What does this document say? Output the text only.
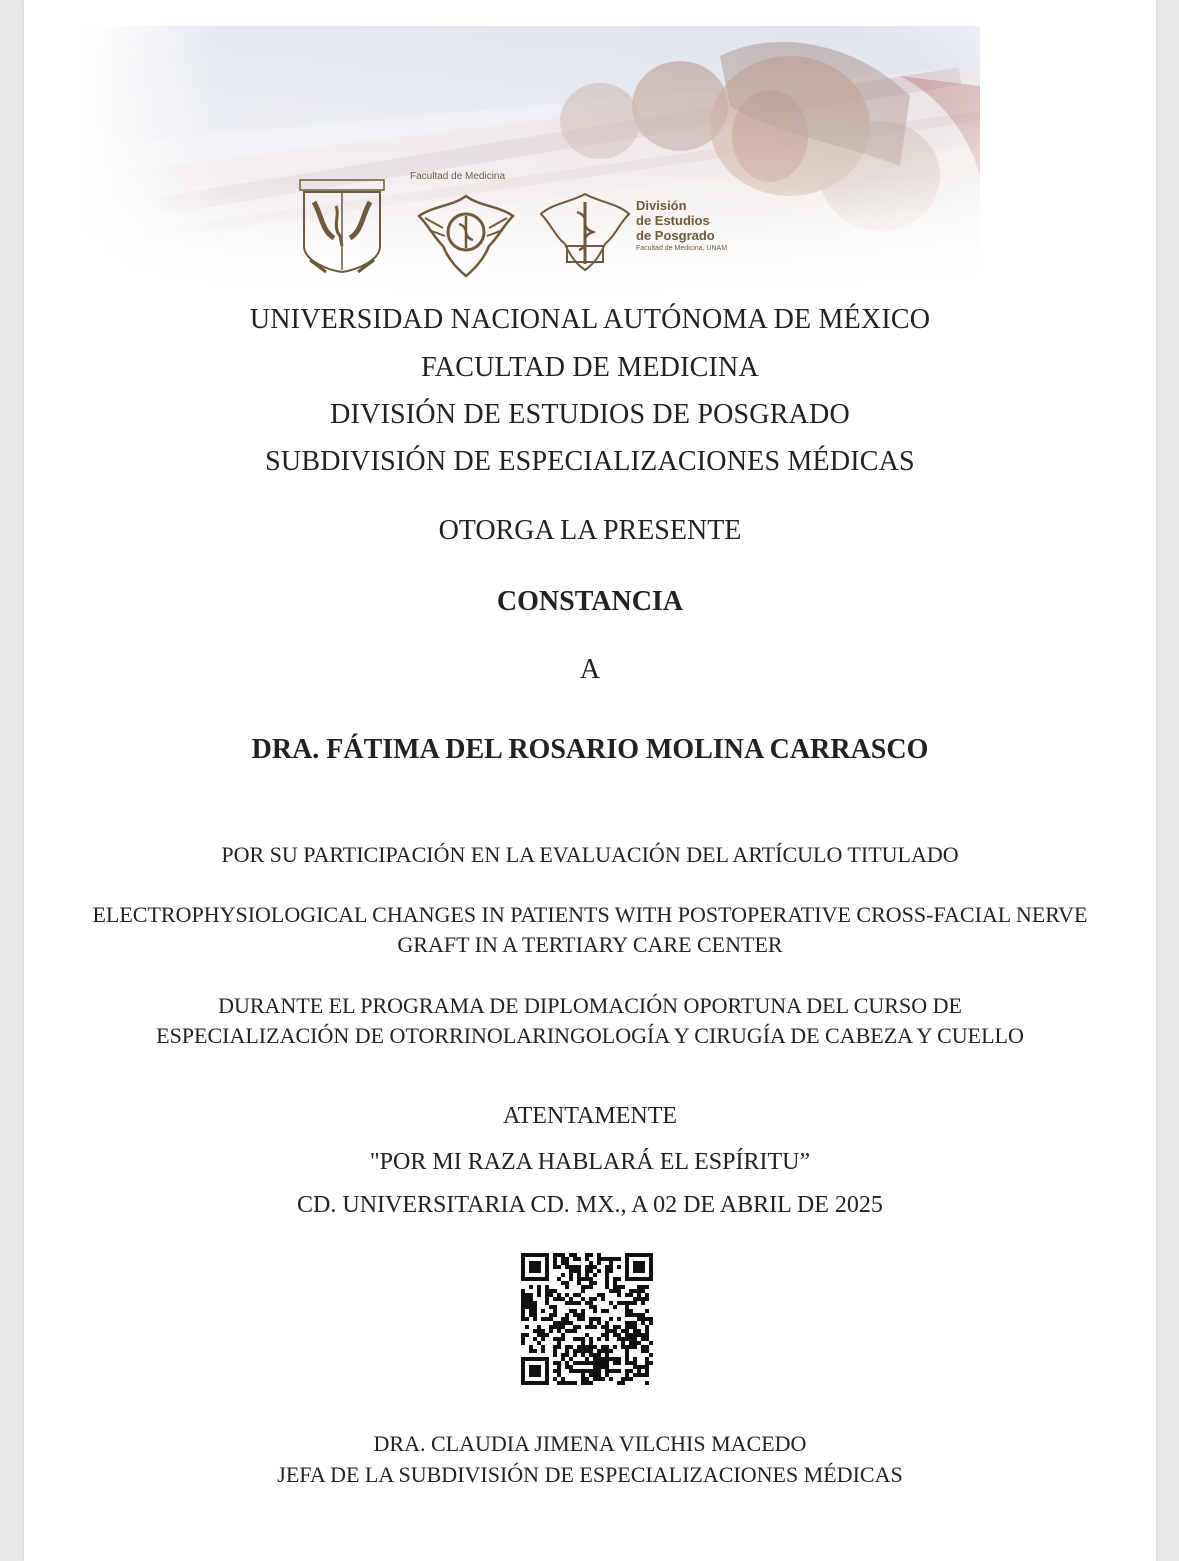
Facultad de Medicina
División
de Estudios
de Posgrado
Facultad de Medicina, UNAM
UNIVERSIDAD NACIONAL AUTÓNOMA DE MÉXICO
FACULTAD DE MEDICINA
DIVISIÓN DE ESTUDIOS DE POSGRADO
SUBDIVISIÓN DE ESPECIALIZACIONES MÉDICAS
OTORGA LA PRESENTE
CONSTANCIA
A
DRA. FÁTIMA DEL ROSARIO MOLINA CARRASCO
POR SU PARTICIPACIÓN EN LA EVALUACIÓN DEL ARTÍCULO TITULADO
ELECTROPHYSIOLOGICAL CHANGES IN PATIENTS WITH POSTOPERATIVE CROSS-FACIAL NERVE
GRAFT IN A TERTIARY CARE CENTER
DURANTE EL PROGRAMA DE DIPLOMACIÓN OPORTUNA DEL CURSO DE
ESPECIALIZACIÓN DE OTORRINOLARINGOLOGÍA Y CIRUGÍA DE CABEZA Y CUELLO
ATENTAMENTE
"POR MI RAZA HABLARÁ EL ESPÍRITU”
CD. UNIVERSITARIA CD. MX., A 02 DE ABRIL DE 2025
DRA. CLAUDIA JIMENA VILCHIS MACEDO
JEFA DE LA SUBDIVISIÓN DE ESPECIALIZACIONES MÉDICAS
